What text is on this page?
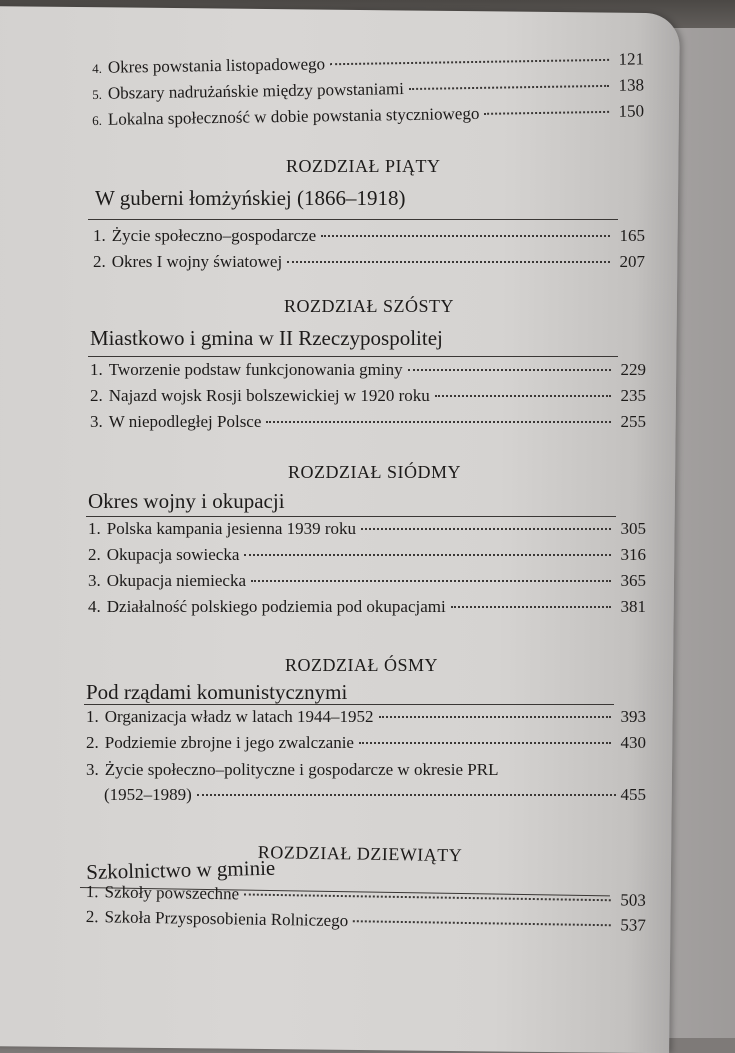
4. Okres powstania listopadowego	121
5. Obszary nadrużańskie między powstaniami	138
6. Lokalna społeczność w dobie powstania styczniowego	150
ROZDZIAŁ PIĄTY
W guberni łomżyńskiej (1866–1918)
1. Życie społeczno–gospodarcze	165
2. Okres I wojny światowej	207
ROZDZIAŁ SZÓSTY
Miastkowo i gmina w II Rzeczypospolitej
1. Tworzenie podstaw funkcjonowania gminy	229
2. Najazd wojsk Rosji bolszewickiej w 1920 roku	235
3. W niepodległej Polsce	255
ROZDZIAŁ SIÓDMY
Okres wojny i okupacji
1. Polska kampania jesienna 1939 roku	305
2. Okupacja sowiecka	316
3. Okupacja niemiecka	365
4. Działalność polskiego podziemia pod okupacjami	381
ROZDZIAŁ ÓSMY
Pod rządami komunistycznymi
1. Organizacja władz w latach 1944–1952	393
2. Podziemie zbrojne i jego zwalczanie	430
3. Życie społeczno–polityczne i gospodarcze w okresie PRL
(1952–1989)	455
ROZDZIAŁ DZIEWIĄTY
Szkolnictwo w gminie
1. Szkoły powszechne	503
2. Szkoła Przysposobienia Rolniczego	537
